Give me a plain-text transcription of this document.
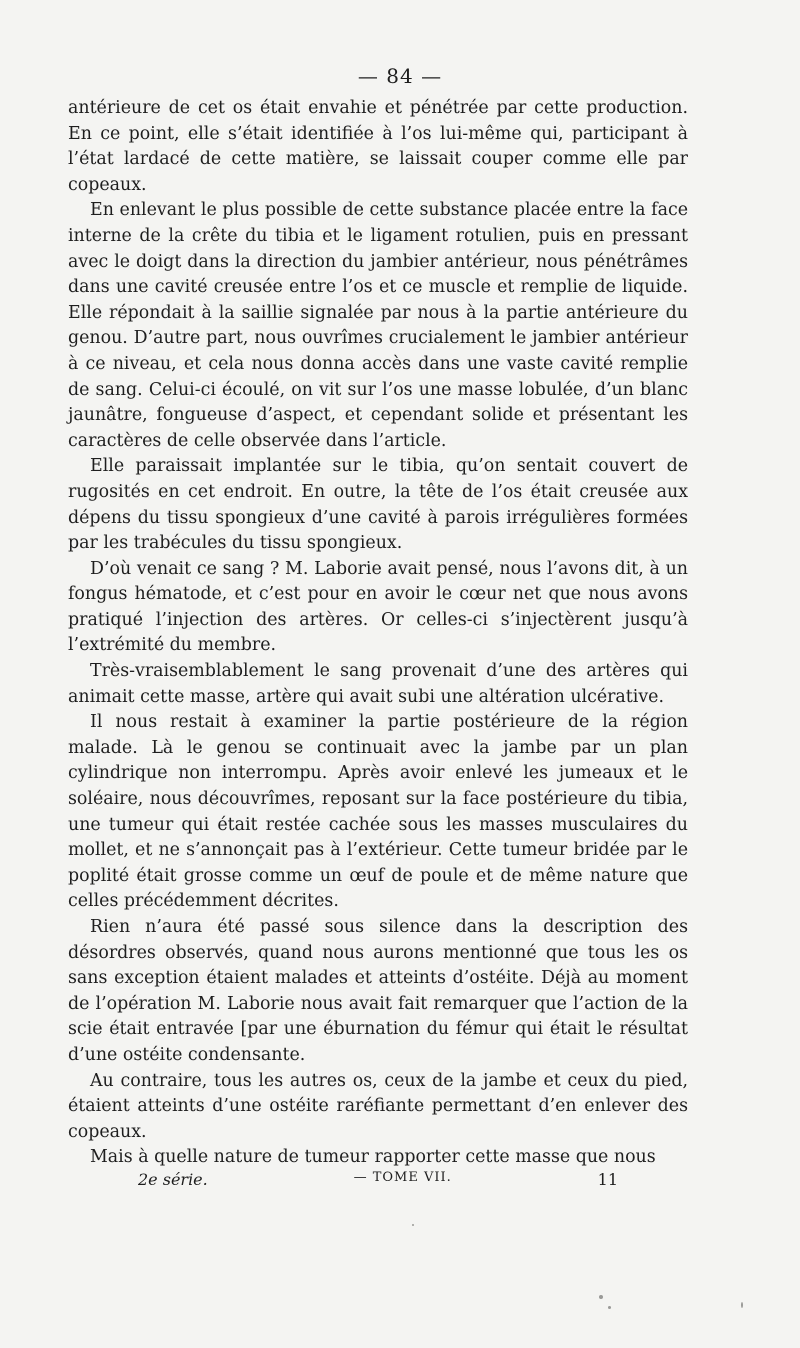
— 84 —

antérieure de cet os était envahie et pénétrée par cette production. En ce point, elle s’était identifiée à l’os lui-même qui, participant à l’état lardacé de cette matière, se laissait couper comme elle par copeaux.

En enlevant le plus possible de cette substance placée entre la face interne de la crête du tibia et le ligament rotulien, puis en pressant avec le doigt dans la direction du jambier antérieur, nous pénétrâmes dans une cavité creusée entre l’os et ce muscle et remplie de liquide. Elle répondait à la saillie signalée par nous à la partie antérieure du genou. D’autre part, nous ouvrîmes crucialement le jambier antérieur à ce niveau, et cela nous donna accès dans une vaste cavité remplie de sang. Celui-ci écoulé, on vit sur l’os une masse lobulée, d’un blanc jaunâtre, fongueuse d’aspect, et cependant solide et présentant les caractères de celle observée dans l’article.

Elle paraissait implantée sur le tibia, qu’on sentait couvert de rugosités en cet endroit. En outre, la tête de l’os était creusée aux dépens du tissu spongieux d’une cavité à parois irrégulières formées par les trabécules du tissu spongieux.

D’où venait ce sang ? M. Laborie avait pensé, nous l’avons dit, à un fongus hématode, et c’est pour en avoir le cœur net que nous avons pratiqué l’injection des artères. Or celles-ci s’injectèrent jusqu’à l’extrémité du membre.

Très-vraisemblablement le sang provenait d’une des artères qui animait cette masse, artère qui avait subi une altération ulcérative.

Il nous restait à examiner la partie postérieure de la région malade. Là le genou se continuait avec la jambe par un plan cylindrique non interrompu. Après avoir enlevé les jumeaux et le soléaire, nous découvrîmes, reposant sur la face postérieure du tibia, une tumeur qui était restée cachée sous les masses musculaires du mollet, et ne s’annonçait pas à l’extérieur. Cette tumeur bridée par le poplité était grosse comme un œuf de poule et de même nature que celles précédemment décrites.

Rien n’aura été passé sous silence dans la description des désordres observés, quand nous aurons mentionné que tous les os sans exception étaient malades et atteints d’ostéite. Déjà au moment de l’opération M. Laborie nous avait fait remarquer que l’action de la scie était entravée [par une éburnation du fémur qui était le résultat d’une ostéite condensante.

Au contraire, tous les autres os, ceux de la jambe et ceux du pied, étaient atteints d’une ostéite raréfiante permettant d’en enlever des copeaux.

Mais à quelle nature de tumeur rapporter cette masse que nous

2e série.	— TOME VII.	11
